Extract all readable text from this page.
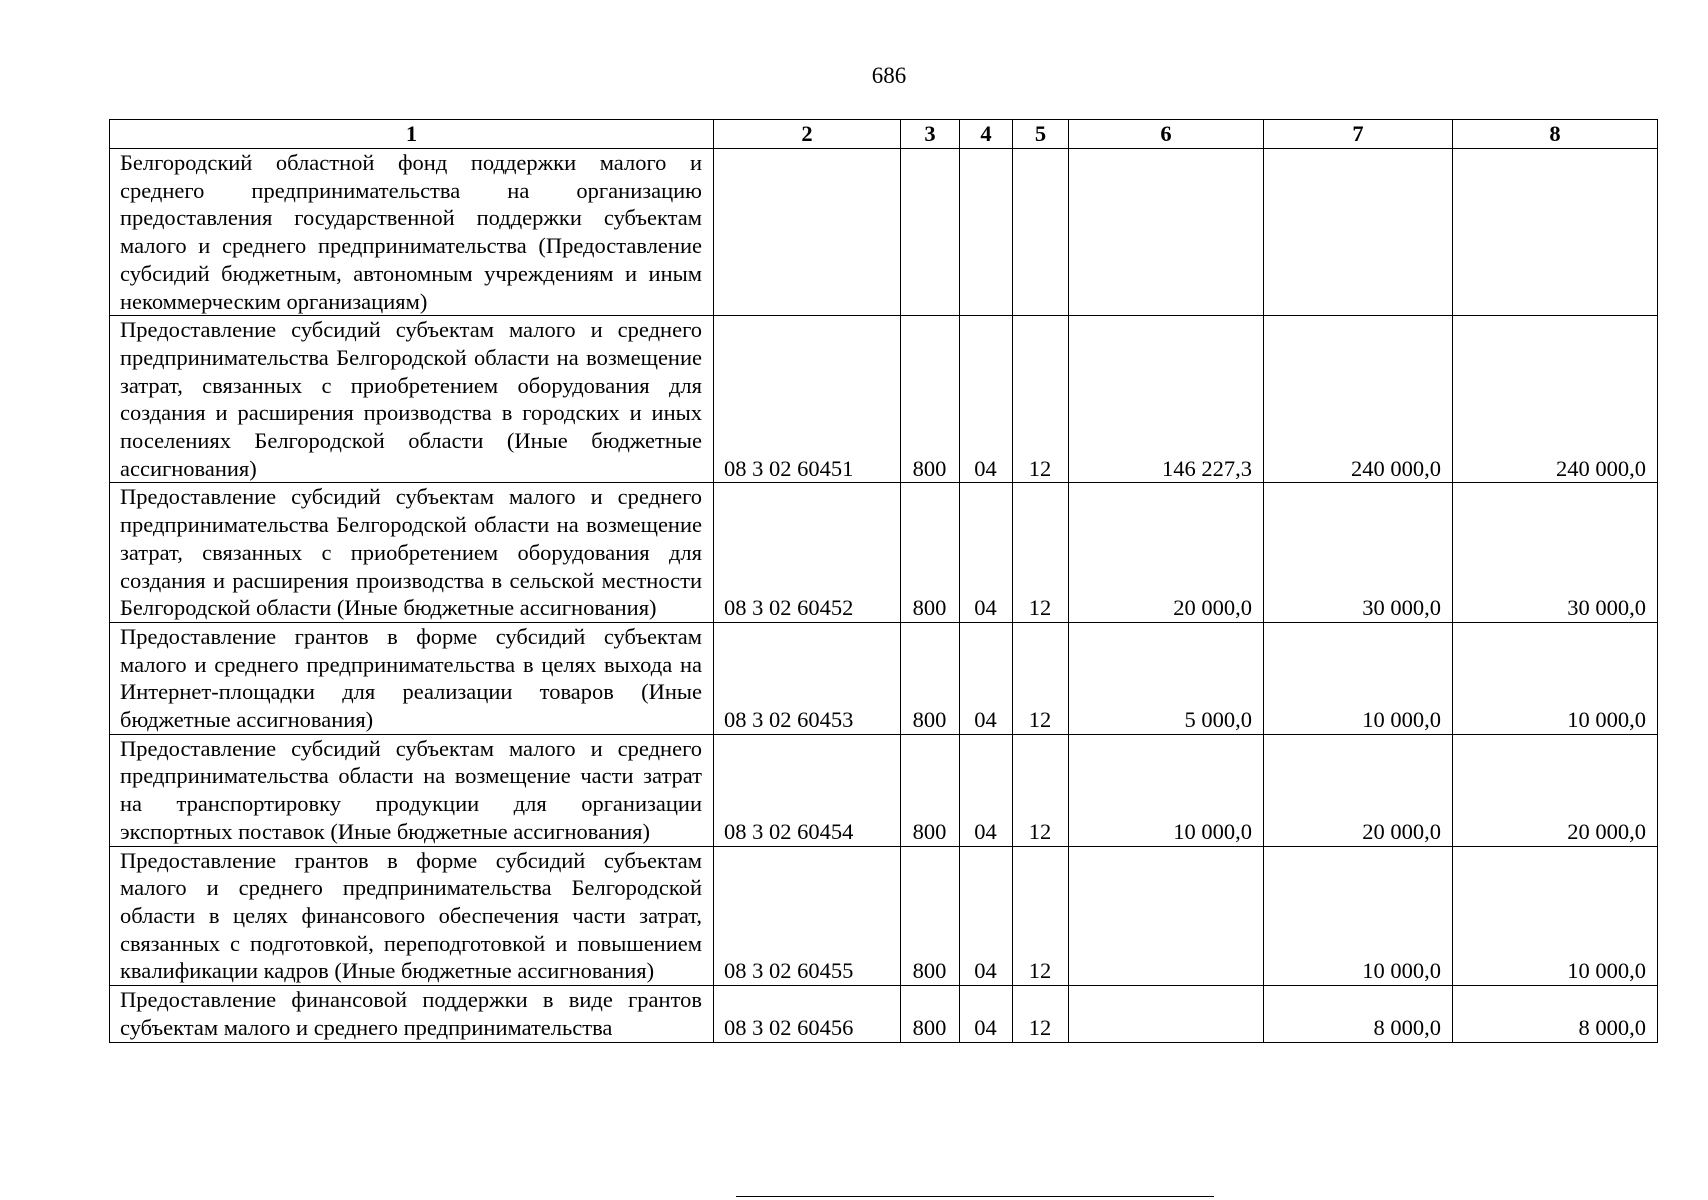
686
1	2	3	4	5	6	7	8
Белгородский областной фонд поддержки малого и среднего предпринимательства на организацию предоставления государственной поддержки субъектам малого и среднего предпринимательства (Предоставление субсидий бюджетным, автономным учреждениям и иным некоммерческим организациям)							
Предоставление субсидий субъектам малого и среднего предпринимательства Белгородской области на возмещение затрат, связанных с приобретением оборудования для создания и расширения производства в городских и иных поселениях Белгородской области (Иные бюджетные ассигнования)	08 3 02 60451	800	04	12	146 227,3	240 000,0	240 000,0
Предоставление субсидий субъектам малого и среднего предпринимательства Белгородской области на возмещение затрат, связанных с приобретением оборудования для создания и расширения производства в сельской местности Белгородской области (Иные бюджетные ассигнования)	08 3 02 60452	800	04	12	20 000,0	30 000,0	30 000,0
Предоставление грантов в форме субсидий субъектам малого и среднего предпринимательства в целях выхода на Интернет-площадки для реализации товаров (Иные бюджетные ассигнования)	08 3 02 60453	800	04	12	5 000,0	10 000,0	10 000,0
Предоставление субсидий субъектам малого и среднего предпринимательства области на возмещение части затрат на транспортировку продукции для организации экспортных поставок (Иные бюджетные ассигнования)	08 3 02 60454	800	04	12	10 000,0	20 000,0	20 000,0
Предоставление грантов в форме субсидий субъектам малого и среднего предпринимательства Белгородской области в целях финансового обеспечения части затрат, связанных с подготовкой, переподготовкой и повышением квалификации кадров (Иные бюджетные ассигнования)	08 3 02 60455	800	04	12		10 000,0	10 000,0
Предоставление финансовой поддержки в виде грантов субъектам малого и среднего предпринимательства	08 3 02 60456	800	04	12		8 000,0	8 000,0
